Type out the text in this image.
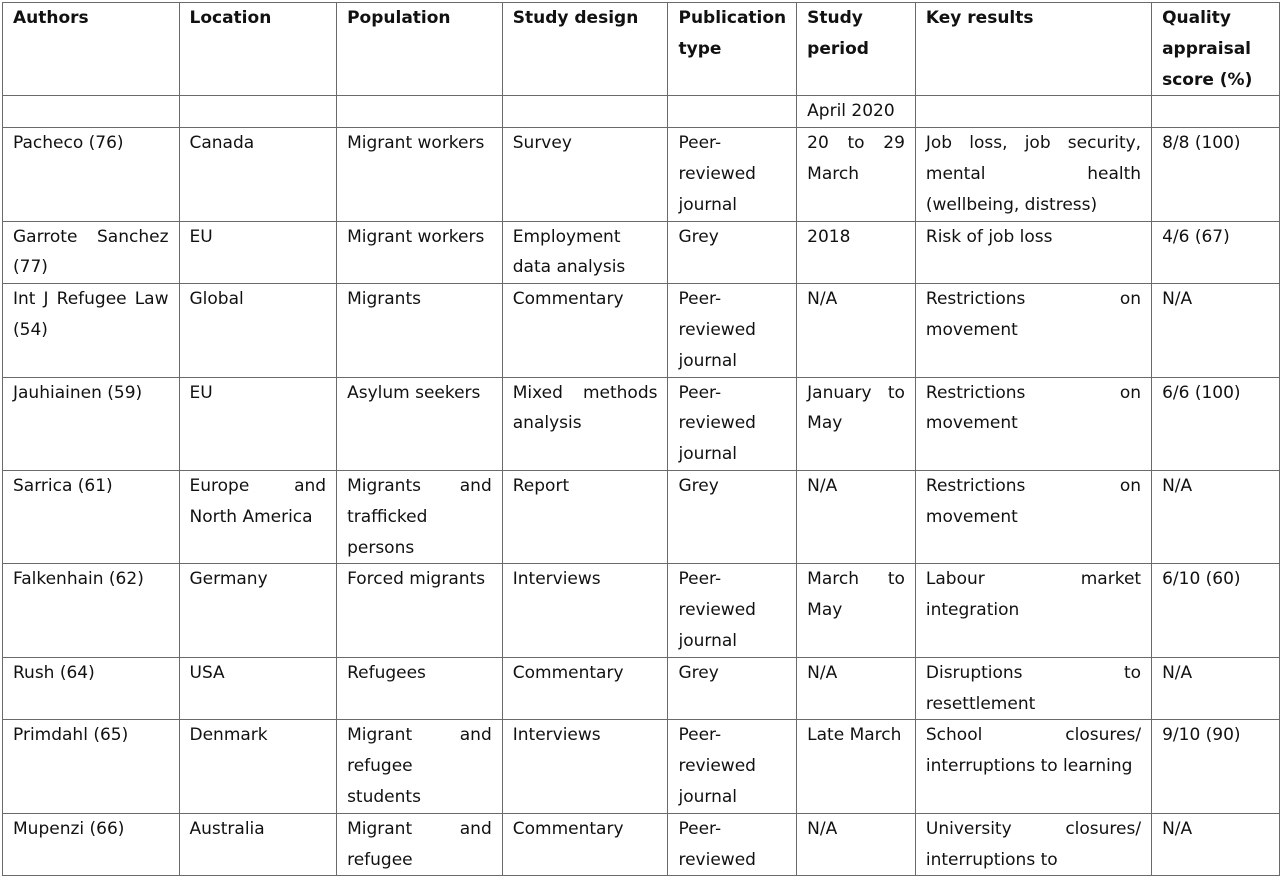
Authors	Location	Population	Study design	Publication type	Study period	Key results	Quality appraisal score (%)
					April 2020		
Pacheco (76)	Canada	Migrant workers	Survey	Peer-reviewed journal	20 to 29 March	Job loss, job security, mental health (wellbeing, distress)	8/8 (100)
Garrote Sanchez (77)	EU	Migrant workers	Employment data analysis	Grey	2018	Risk of job loss	4/6 (67)
Int J Refugee Law (54)	Global	Migrants	Commentary	Peer-reviewed journal	N/A	Restrictions on movement	N/A
Jauhiainen (59)	EU	Asylum seekers	Mixed methods analysis	Peer-reviewed journal	January to May	Restrictions on movement	6/6 (100)
Sarrica (61)	Europe and North America	Migrants and trafficked persons	Report	Grey	N/A	Restrictions on movement	N/A
Falkenhain (62)	Germany	Forced migrants	Interviews	Peer-reviewed journal	March to May	Labour market integration	6/10 (60)
Rush (64)	USA	Refugees	Commentary	Grey	N/A	Disruptions to resettlement	N/A
Primdahl (65)	Denmark	Migrant and refugee students	Interviews	Peer-reviewed journal	Late March	School closures/ interruptions to learning	9/10 (90)
Mupenzi (66)	Australia	Migrant and refugee	Commentary	Peer-reviewed	N/A	University closures/ interruptions to	N/A
